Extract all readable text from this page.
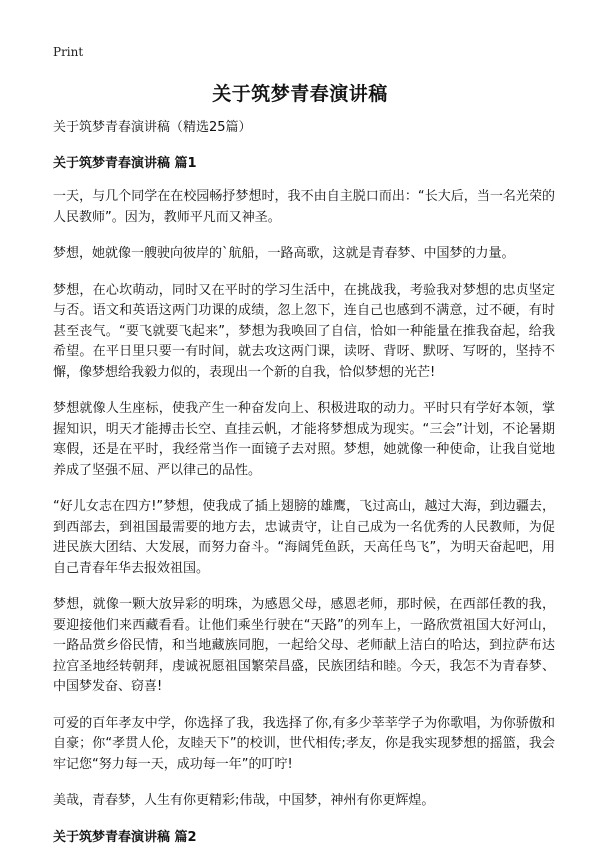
Print
关于筑梦青春演讲稿
关于筑梦青春演讲稿（精选25篇）
关于筑梦青春演讲稿 篇1

一天，与几个同学在在校园畅抒梦想时，我不由自主脱口而出：“长大后，当一名光荣的人民教师”。因为，教师平凡而又神圣。

梦想，她就像一艘驶向彼岸的`航船，一路高歌，这就是青春梦、中国梦的力量。

梦想，在心坎萌动，同时又在平时的学习生活中，在挑战我，考验我对梦想的忠贞坚定与否。语文和英语这两门功课的成绩，忽上忽下，连自己也感到不满意，过不硬，有时甚至丧气。“要飞就要飞起来”，梦想为我唤回了自信，恰如一种能量在推我奋起，给我希望。在平日里只要一有时间，就去攻这两门课，读呀、背呀、默呀、写呀的，坚持不懈，像梦想给我毅力似的，表现出一个新的自我，恰似梦想的光芒!

梦想就像人生座标，使我产生一种奋发向上、积极进取的动力。平时只有学好本领，掌握知识，明天才能搏击长空、直挂云帆，才能将梦想成为现实。“三会”计划，不论暑期寒假，还是在平时，我经常当作一面镜子去对照。梦想，她就像一种使命，让我自觉地养成了坚强不屈、严以律己的品性。

“好儿女志在四方!”梦想，使我成了插上翅膀的雄鹰，飞过高山，越过大海，到边疆去，到西部去，到祖国最需要的地方去，忠诚责守，让自己成为一名优秀的人民教师，为促进民族大团结、大发展，而努力奋斗。“海阔凭鱼跃，天高任鸟飞”，为明天奋起吧，用自己青春年华去报效祖国。

梦想，就像一颗大放异彩的明珠，为感恩父母，感恩老师，那时候，在西部任教的我，要迎接他们来西藏看看。让他们乘坐行驶在“天路”的列车上，一路欣赏祖国大好河山，一路品赏乡俗民情，和当地藏族同胞，一起给父母、老师献上洁白的哈达，到拉萨布达拉宫圣地经转朝拜，虔诚祝愿祖国繁荣昌盛，民族团结和睦。今天，我怎不为青春梦、中国梦发奋、窃喜!

可爱的百年孝友中学，你选择了我，我选择了你,有多少莘莘学子为你歌唱，为你骄傲和自豪；你“孝贯人伦，友睦天下”的校训，世代相传;孝友，你是我实现梦想的摇篮，我会牢记您“努力每一天，成功每一年”的叮咛!

美哉，青春梦，人生有你更精彩;伟哉，中国梦，神州有你更辉煌。

关于筑梦青春演讲稿 篇2
